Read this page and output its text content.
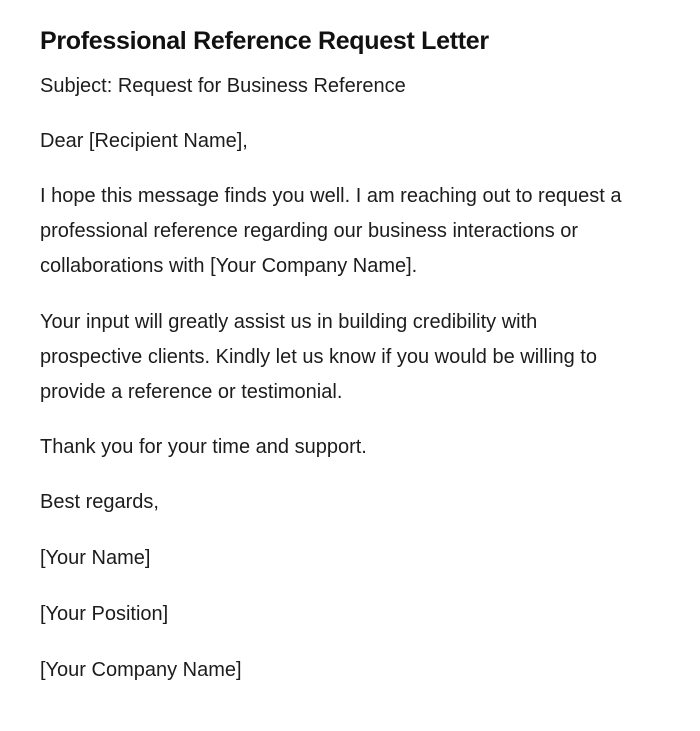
Professional Reference Request Letter

Subject: Request for Business Reference

Dear [Recipient Name],

I hope this message finds you well. I am reaching out to request a professional reference regarding our business interactions or collaborations with [Your Company Name].

Your input will greatly assist us in building credibility with prospective clients. Kindly let us know if you would be willing to provide a reference or testimonial.

Thank you for your time and support.

Best regards,

[Your Name]

[Your Position]

[Your Company Name]
